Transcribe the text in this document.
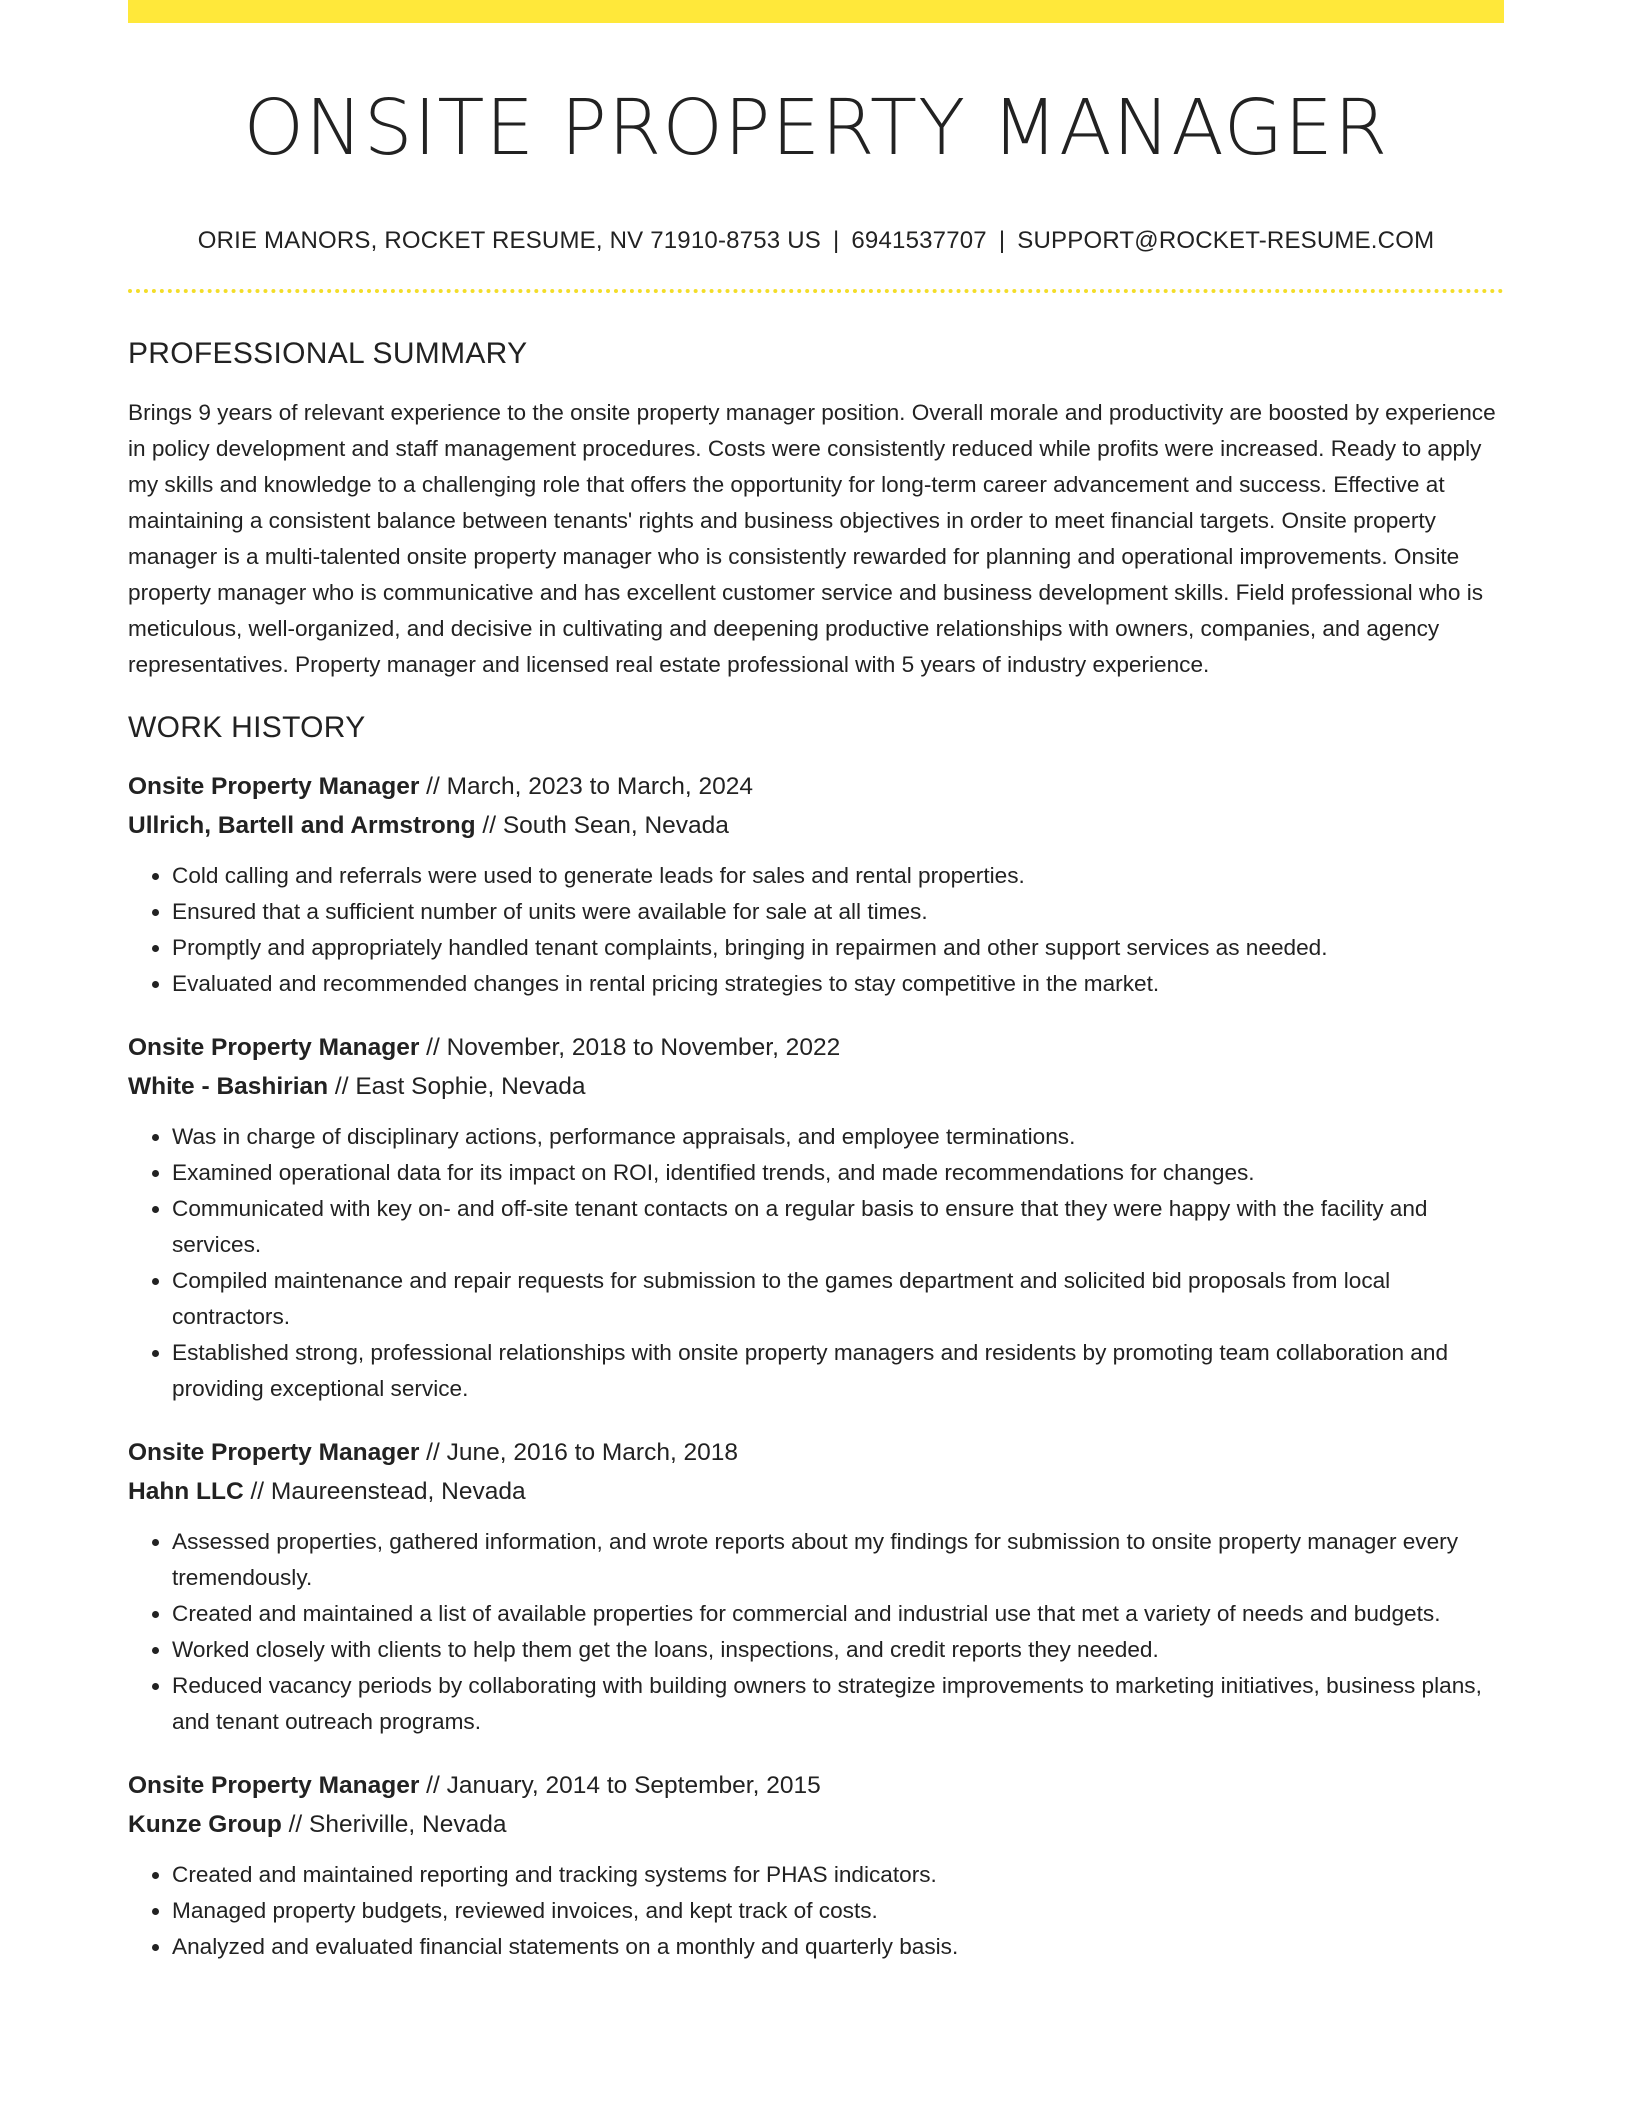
ONSITE PROPERTY MANAGER
ORIE MANORS, ROCKET RESUME, NV 71910-8753 US | 6941537707 | SUPPORT@ROCKET-RESUME.COM
PROFESSIONAL SUMMARY
Brings 9 years of relevant experience to the onsite property manager position. Overall morale and productivity are boosted by experience in policy development and staff management procedures. Costs were consistently reduced while profits were increased. Ready to apply my skills and knowledge to a challenging role that offers the opportunity for long-term career advancement and success. Effective at maintaining a consistent balance between tenants' rights and business objectives in order to meet financial targets. Onsite property manager is a multi-talented onsite property manager who is consistently rewarded for planning and operational improvements. Onsite property manager who is communicative and has excellent customer service and business development skills. Field professional who is meticulous, well-organized, and decisive in cultivating and deepening productive relationships with owners, companies, and agency representatives. Property manager and licensed real estate professional with 5 years of industry experience.
WORK HISTORY
Onsite Property Manager // March, 2023 to March, 2024
Ullrich, Bartell and Armstrong // South Sean, Nevada
• Cold calling and referrals were used to generate leads for sales and rental properties.
• Ensured that a sufficient number of units were available for sale at all times.
• Promptly and appropriately handled tenant complaints, bringing in repairmen and other support services as needed.
• Evaluated and recommended changes in rental pricing strategies to stay competitive in the market.
Onsite Property Manager // November, 2018 to November, 2022
White - Bashirian // East Sophie, Nevada
• Was in charge of disciplinary actions, performance appraisals, and employee terminations.
• Examined operational data for its impact on ROI, identified trends, and made recommendations for changes.
• Communicated with key on- and off-site tenant contacts on a regular basis to ensure that they were happy with the facility and services.
• Compiled maintenance and repair requests for submission to the games department and solicited bid proposals from local contractors.
• Established strong, professional relationships with onsite property managers and residents by promoting team collaboration and providing exceptional service.
Onsite Property Manager // June, 2016 to March, 2018
Hahn LLC // Maureenstead, Nevada
• Assessed properties, gathered information, and wrote reports about my findings for submission to onsite property manager every tremendously.
• Created and maintained a list of available properties for commercial and industrial use that met a variety of needs and budgets.
• Worked closely with clients to help them get the loans, inspections, and credit reports they needed.
• Reduced vacancy periods by collaborating with building owners to strategize improvements to marketing initiatives, business plans, and tenant outreach programs.
Onsite Property Manager // January, 2014 to September, 2015
Kunze Group // Sheriville, Nevada
• Created and maintained reporting and tracking systems for PHAS indicators.
• Managed property budgets, reviewed invoices, and kept track of costs.
• Analyzed and evaluated financial statements on a monthly and quarterly basis.
